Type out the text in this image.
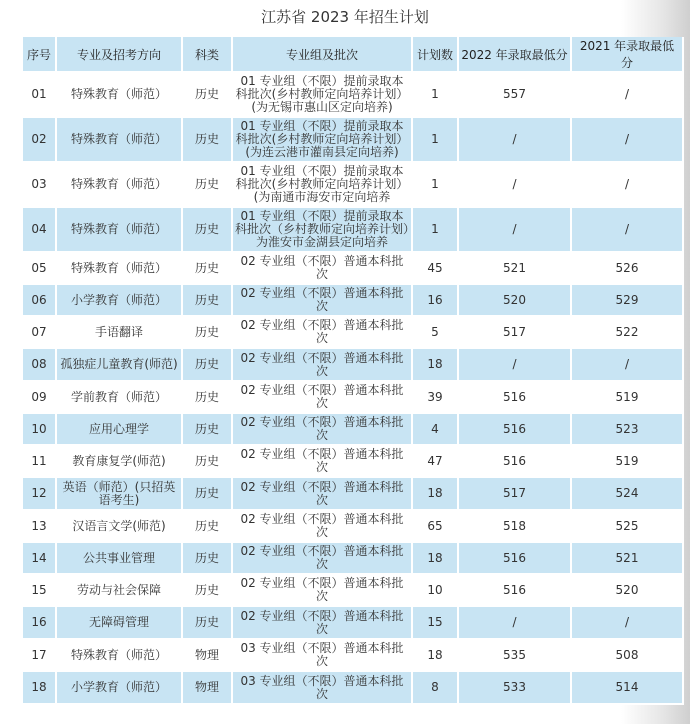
江苏省 2023 年招生计划
序号	专业及招考方向	科类	专业组及批次	计划数	2022 年录取最低分	2021 年录取最低分
01	特殊教育（师范）	历史	01 专业组（不限）提前录取本科批次(乡村教师定向培养计划）(为无锡市惠山区定向培养)	1	557	/
02	特殊教育（师范）	历史	01 专业组（不限）提前录取本科批次(乡村教师定向培养计划）(为连云港市灌南县定向培养)	1	/	/
03	特殊教育（师范）	历史	01 专业组（不限）提前录取本科批次(乡村教师定向培养计划）(为南通市海安市定向培养	1	/	/
04	特殊教育（师范）	历史	01 专业组（不限）提前录取本科批次（乡村教师定向培养计划）为淮安市金湖县定向培养	1	/	/
05	特殊教育（师范）	历史	02 专业组（不限）普通本科批次	45	521	526
06	小学教育（师范）	历史	02 专业组（不限）普通本科批次	16	520	529
07	手语翻译	历史	02 专业组（不限）普通本科批次	5	517	522
08	孤独症儿童教育(师范)	历史	02 专业组（不限）普通本科批次	18	/	/
09	学前教育（师范）	历史	02 专业组（不限）普通本科批次	39	516	519
10	应用心理学	历史	02 专业组（不限）普通本科批次	4	516	523
11	教育康复学(师范)	历史	02 专业组（不限）普通本科批次	47	516	519
12	英语（师范）(只招英语考生)	历史	02 专业组（不限）普通本科批次	18	517	524
13	汉语言文学(师范)	历史	02 专业组（不限）普通本科批次	65	518	525
14	公共事业管理	历史	02 专业组（不限）普通本科批次	18	516	521
15	劳动与社会保障	历史	02 专业组（不限）普通本科批次	10	516	520
16	无障碍管理	历史	02 专业组（不限）普通本科批次	15	/	/
17	特殊教育（师范）	物理	03 专业组（不限）普通本科批次	18	535	508
18	小学教育（师范）	物理	03 专业组（不限）普通本科批次	8	533	514
